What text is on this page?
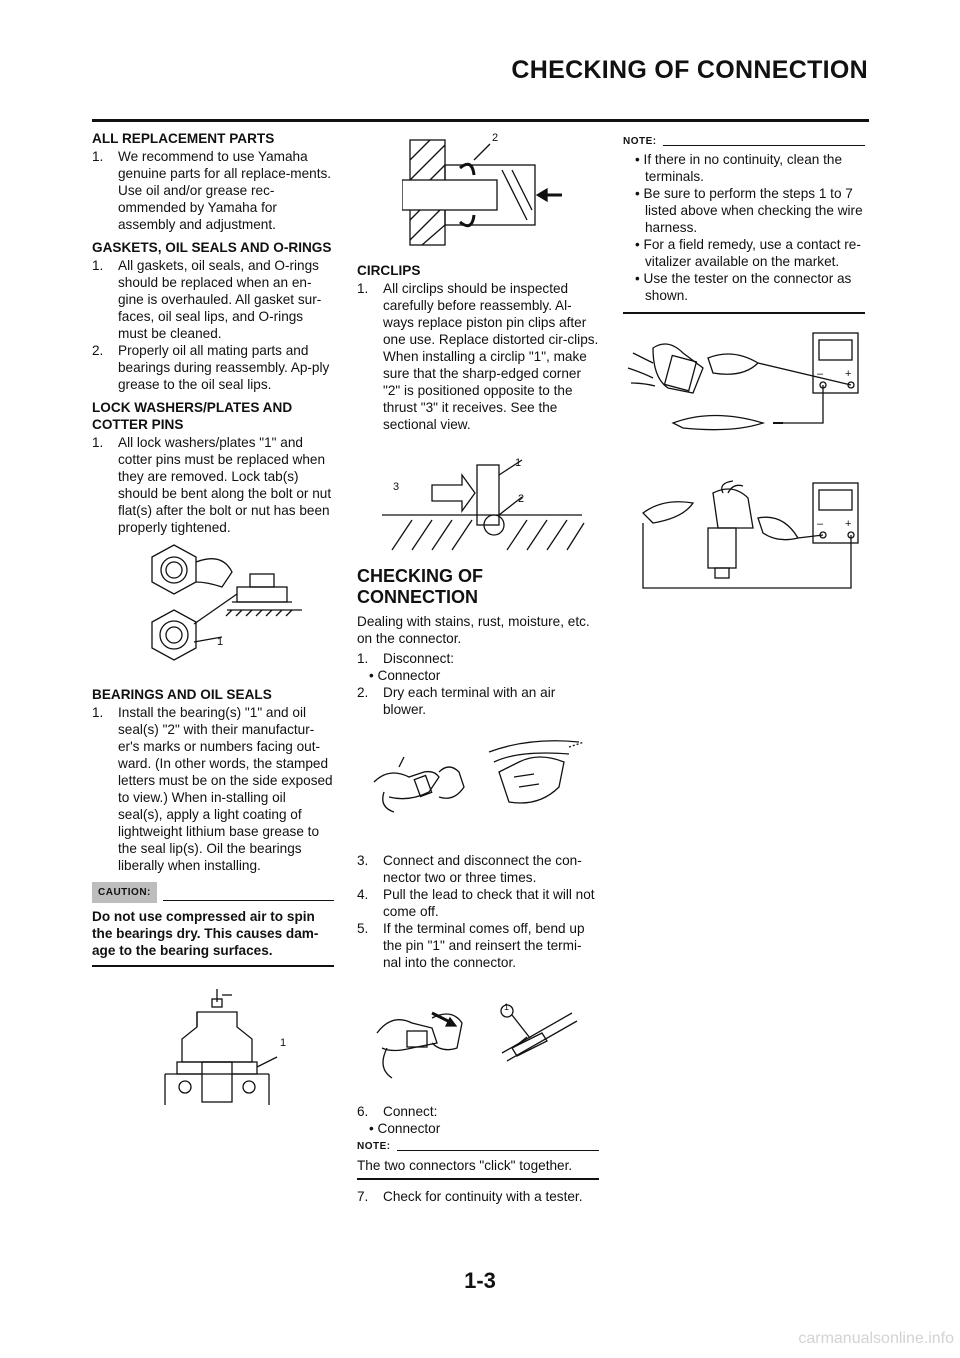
CHECKING OF CONNECTION
ALL REPLACEMENT PARTS
1. We recommend to use Yamaha genuine parts for all replace-ments. Use oil and/or grease rec-ommended by Yamaha for assembly and adjustment.
GASKETS, OIL SEALS AND O-RINGS
1. All gaskets, oil seals, and O-rings should be replaced when an en-gine is overhauled. All gasket sur-faces, oil seal lips, and O-rings must be cleaned.
2. Properly oil all mating parts and bearings during reassembly. Ap-ply grease to the oil seal lips.
LOCK WASHERS/PLATES AND COTTER PINS
1. All lock washers/plates "1" and cotter pins must be replaced when they are removed. Lock tab(s) should be bent along the bolt or nut flat(s) after the bolt or nut has been properly tightened.
1
BEARINGS AND OIL SEALS
1. Install the bearing(s) "1" and oil seal(s) "2" with their manufactur-er's marks or numbers facing out-ward. (In other words, the stamped letters must be on the side exposed to view.) When in-stalling oil seal(s), apply a light coating of lightweight lithium base grease to the seal lip(s). Oil the bearings liberally when installing.
CAUTION:
Do not use compressed air to spin the bearings dry. This causes dam-age to the bearing surfaces.
1
2
CIRCLIPS
1. All circlips should be inspected carefully before reassembly. Al-ways replace piston pin clips after one use. Replace distorted cir-clips. When installing a circlip "1", make sure that the sharp-edged corner "2" is positioned opposite to the thrust "3" it receives. See the sectional view.
1
2
3
CHECKING OF CONNECTION
Dealing with stains, rust, moisture, etc. on the connector.
1. Disconnect:
• Connector
2. Dry each terminal with an air blower.
3. Connect and disconnect the con-nector two or three times.
4. Pull the lead to check that it will not come off.
5. If the terminal comes off, bend up the pin "1" and reinsert the termi-nal into the connector.
1
6. Connect:
• Connector
NOTE:
The two connectors "click" together.
7. Check for continuity with a tester.
NOTE:
• If there in no continuity, clean the terminals.
• Be sure to perform the steps 1 to 7 listed above when checking the wire harness.
• For a field remedy, use a contact re-vitalizer available on the market.
• Use the tester on the connector as shown.
– +
– +
1-3
carmanualsonline.info
